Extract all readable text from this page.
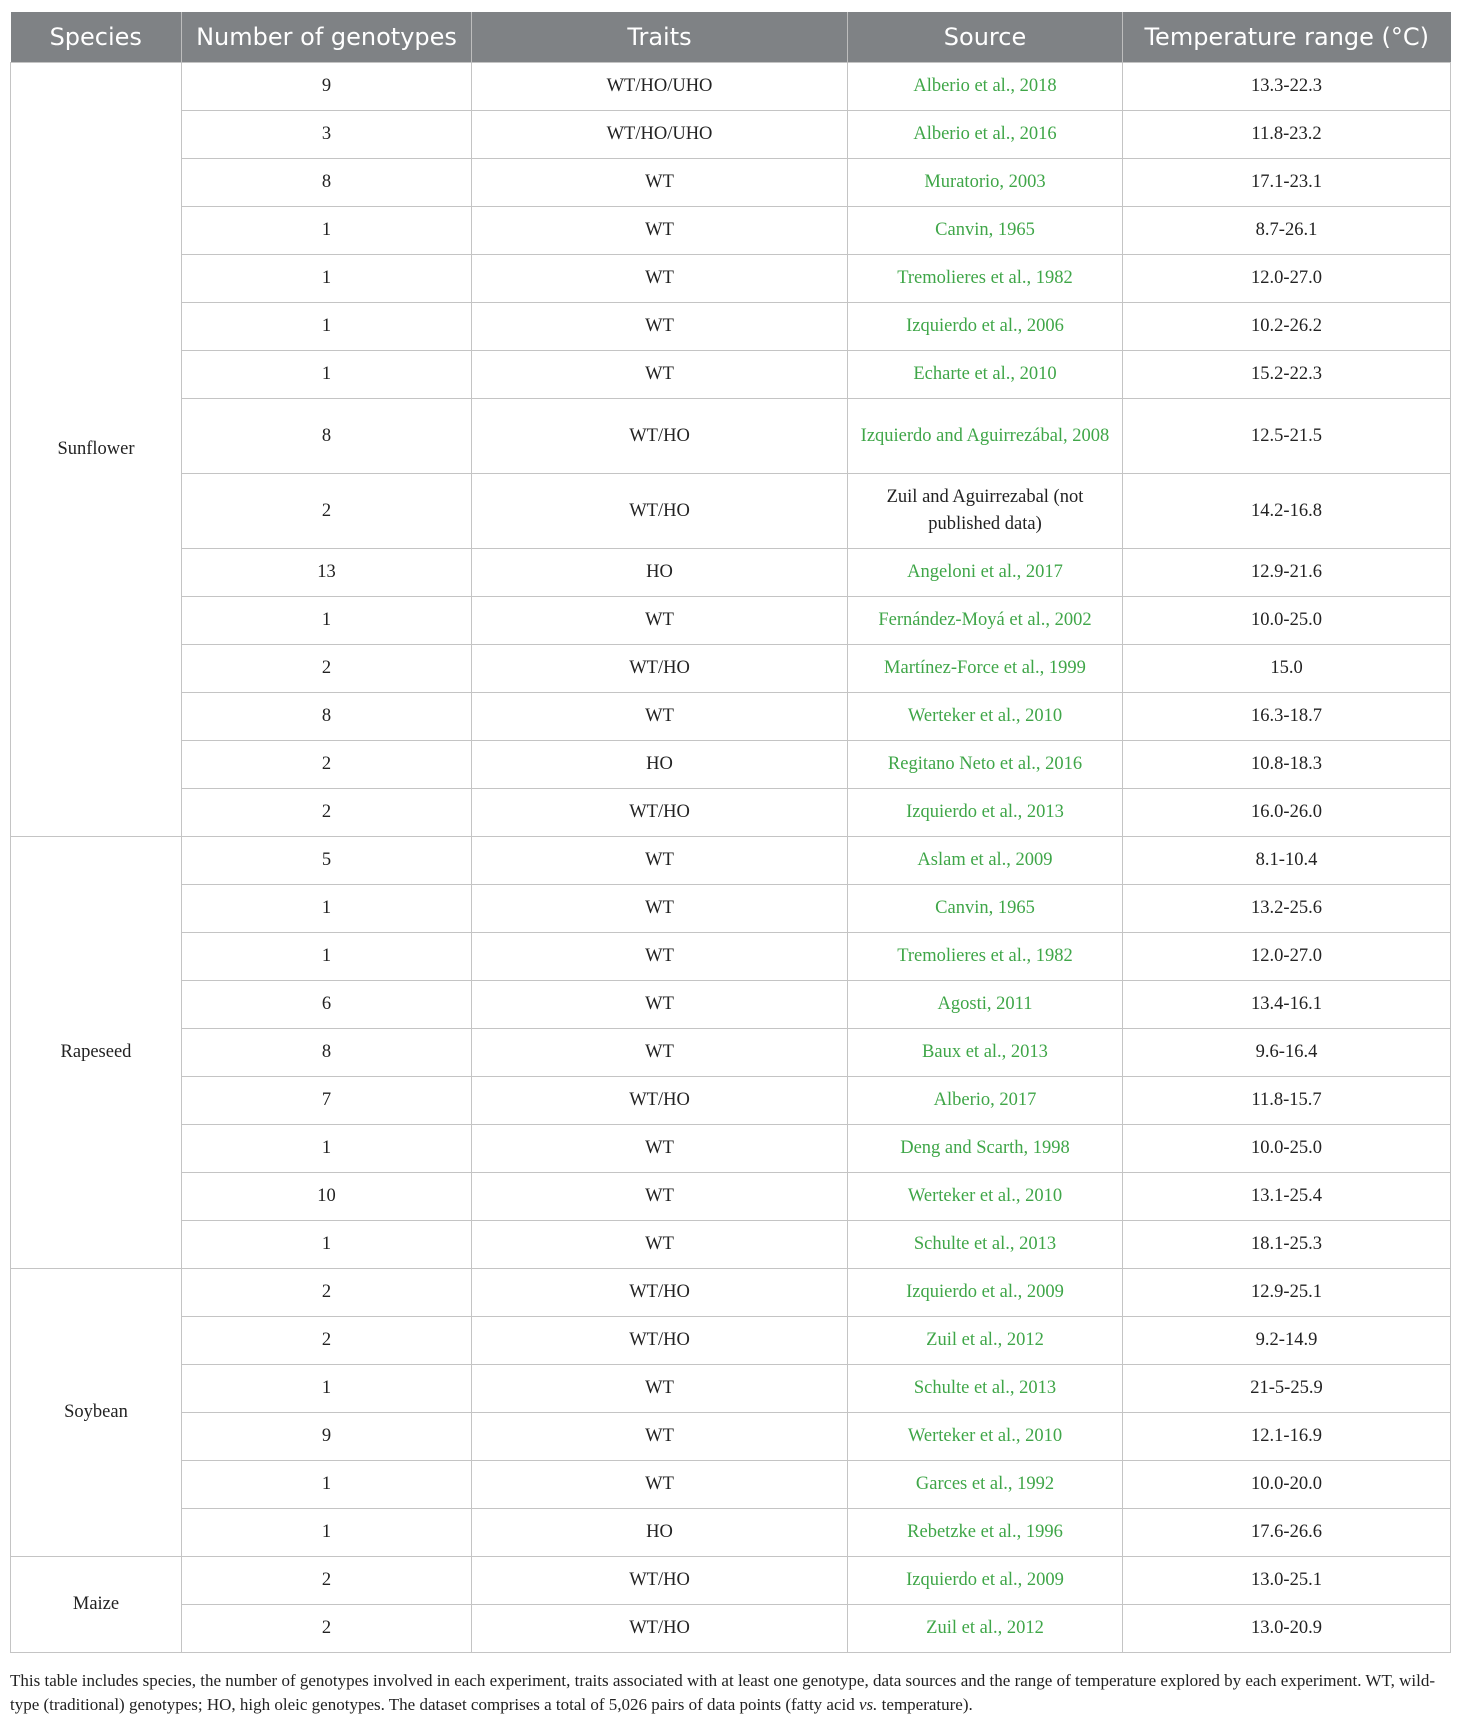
Species	Number of genotypes	Traits	Source	Temperature range (°C)
Sunflower	9	WT/HO/UHO	Alberio et al., 2018	13.3-22.3
	3	WT/HO/UHO	Alberio et al., 2016	11.8-23.2
	8	WT	Muratorio, 2003	17.1-23.1
	1	WT	Canvin, 1965	8.7-26.1
	1	WT	Tremolieres et al., 1982	12.0-27.0
	1	WT	Izquierdo et al., 2006	10.2-26.2
	1	WT	Echarte et al., 2010	15.2-22.3
	8	WT/HO	Izquierdo and Aguirrezábal, 2008	12.5-21.5
	2	WT/HO	Zuil and Aguirrezabal (not published data)	14.2-16.8
	13	HO	Angeloni et al., 2017	12.9-21.6
	1	WT	Fernández-Moyá et al., 2002	10.0-25.0
	2	WT/HO	Martínez-Force et al., 1999	15.0
	8	WT	Werteker et al., 2010	16.3-18.7
	2	HO	Regitano Neto et al., 2016	10.8-18.3
	2	WT/HO	Izquierdo et al., 2013	16.0-26.0
Rapeseed	5	WT	Aslam et al., 2009	8.1-10.4
	1	WT	Canvin, 1965	13.2-25.6
	1	WT	Tremolieres et al., 1982	12.0-27.0
	6	WT	Agosti, 2011	13.4-16.1
	8	WT	Baux et al., 2013	9.6-16.4
	7	WT/HO	Alberio, 2017	11.8-15.7
	1	WT	Deng and Scarth, 1998	10.0-25.0
	10	WT	Werteker et al., 2010	13.1-25.4
	1	WT	Schulte et al., 2013	18.1-25.3
Soybean	2	WT/HO	Izquierdo et al., 2009	12.9-25.1
	2	WT/HO	Zuil et al., 2012	9.2-14.9
	1	WT	Schulte et al., 2013	21-5-25.9
	9	WT	Werteker et al., 2010	12.1-16.9
	1	WT	Garces et al., 1992	10.0-20.0
	1	HO	Rebetzke et al., 1996	17.6-26.6
Maize	2	WT/HO	Izquierdo et al., 2009	13.0-25.1
	2	WT/HO	Zuil et al., 2012	13.0-20.9

This table includes species, the number of genotypes involved in each experiment, traits associated with at least one genotype, data sources and the range of temperature explored by each experiment. WT, wild-type (traditional) genotypes; HO, high oleic genotypes. The dataset comprises a total of 5,026 pairs of data points (fatty acid vs. temperature).
